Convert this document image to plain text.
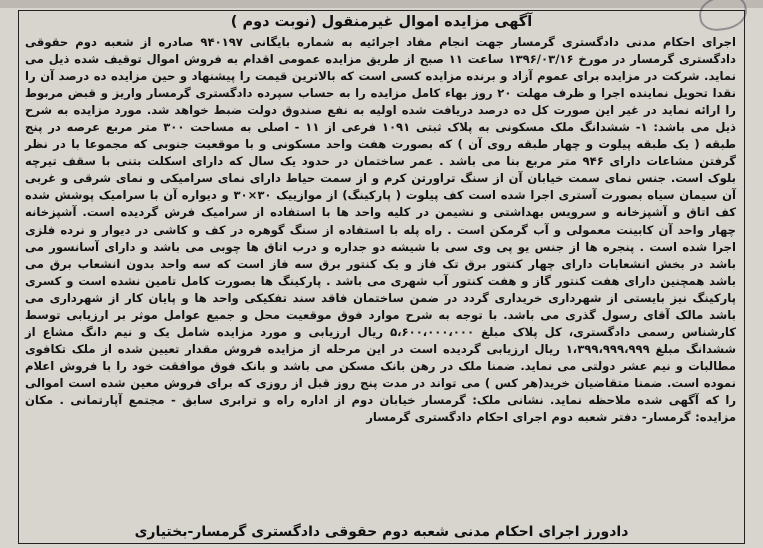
آگهی مزایده اموال غیرمنقول (نوبت دوم )

اجرای احکام مدنی دادگستری گرمسار جهت انجام مفاد اجرائیه به شماره بایگانی ۹۴۰۱۹۷ صادره از شعبه دوم حقوقی دادگستری گرمسار در مورخ ۱۳۹۶/۰۳/۱۶ ساعت ۱۱ صبح از طریق مزایده عمومی اقدام به فروش اموال توقیف شده ذیل می نماید. شرکت در مزایده برای عموم آزاد و برنده مزایده کسی است که بالاترین قیمت را پیشنهاد و حین مزایده ده درصد آن را نقدا تحویل نماینده اجرا و ظرف مهلت ۲۰ روز بهاء کامل مزایده را به حساب سپرده دادگستری گرمسار واریز و قبض مربوط را ارائه نماید در غیر این صورت کل ده درصد دریافت شده اولیه به نفع صندوق دولت ضبط خواهد شد. مورد مزایده به شرح ذیل می باشد: ۱- ششدانگ ملک مسکونی به پلاک ثبتی ۱۰۹۱ فرعی از ۱۱ - اصلی به مساحت ۳۰۰ متر مربع عرصه در پنج طبقه ( یک طبقه پیلوت و چهار طبقه روی آن ) که بصورت هفت واحد مسکونی و با موقعیت جنوبی که مجموعا با در نظر گرفتن مشاعات دارای ۹۴۶ متر مربع بنا می باشد . عمر ساختمان در حدود یک سال که دارای اسکلت بتنی با سقف تیرچه بلوک است. جنس نمای سمت خیابان آن از سنگ تراورتن کرم و از سمت حیاط دارای نمای سرامیکی و نمای شرقی و غربی آن سیمان سیاه بصورت آستری اجرا شده است کف پیلوت ( پارکینگ) از موازییک ۳۰×۳۰ و دیواره آن با سرامیک پوشش شده کف اتاق و آشپزخانه و سرویس بهداشتی و نشیمن در کلیه واحد ها با استفاده از سرامیک فرش گردیده است. آشپزخانه چهار واحد آن کابینت معمولی و آب گرمکن است . راه پله با استفاده از سنگ گوهره در کف و کاشی در دیوار و نرده فلزی اجرا شده است . پنجره ها از جنس یو پی وی سی با شیشه دو جداره و درب اتاق ها چوبی می باشد و دارای آسانسور می باشد در بخش انشعابات دارای چهار کنتور برق تک فاز و یک کنتور برق سه فاز است که سه واحد بدون انشعاب برق می باشد همچنین دارای هفت کنتور گاز و هفت کنتور آب شهری می باشد . پارکینگ ها بصورت کامل تامین نشده است و کسری پارکینگ نیز بایستی از شهرداری خریداری گردد در ضمن ساختمان فاقد سند تفکیکی واحد ها و پایان کار از شهرداری می باشد مالک آقای رسول گذری می باشد. با توجه به شرح موارد فوق موقعیت محل و جمیع عوامل موثر بر ارزیابی توسط کارشناس رسمی دادگستری، کل پلاک مبلغ ۵،۶۰۰،۰۰۰،۰۰۰ ریال ارزیابی و مورد مزایده شامل یک و نیم دانگ مشاع از ششدانگ مبلغ ۱،۳۹۹،۹۹۹،۹۹۹ ریال ارزیابی گردیده است در این مرحله از مزایده فروش مقدار تعیین شده از ملک تکافوی مطالبات و نیم عشر دولتی می نماید. ضمنا ملک در رهن بانک مسکن می باشد و بانک فوق موافقت خود را با فروش اعلام نموده است. ضمنا متقاضیان خرید(هر کس ) می تواند در مدت پنج روز قبل از روزی که برای فروش معین شده است اموالی را که آگهی شده ملاحظه نماید. نشانی ملک: گرمسار خیابان دوم از اداره راه و ترابری سابق - مجتمع آپارتمانی . مکان مزایده: گرمسار- دفتر شعبه دوم اجرای احکام دادگستری گرمسار

دادورز اجرای احکام مدنی شعبه دوم حقوقی دادگستری گرمسار-بختیاری
